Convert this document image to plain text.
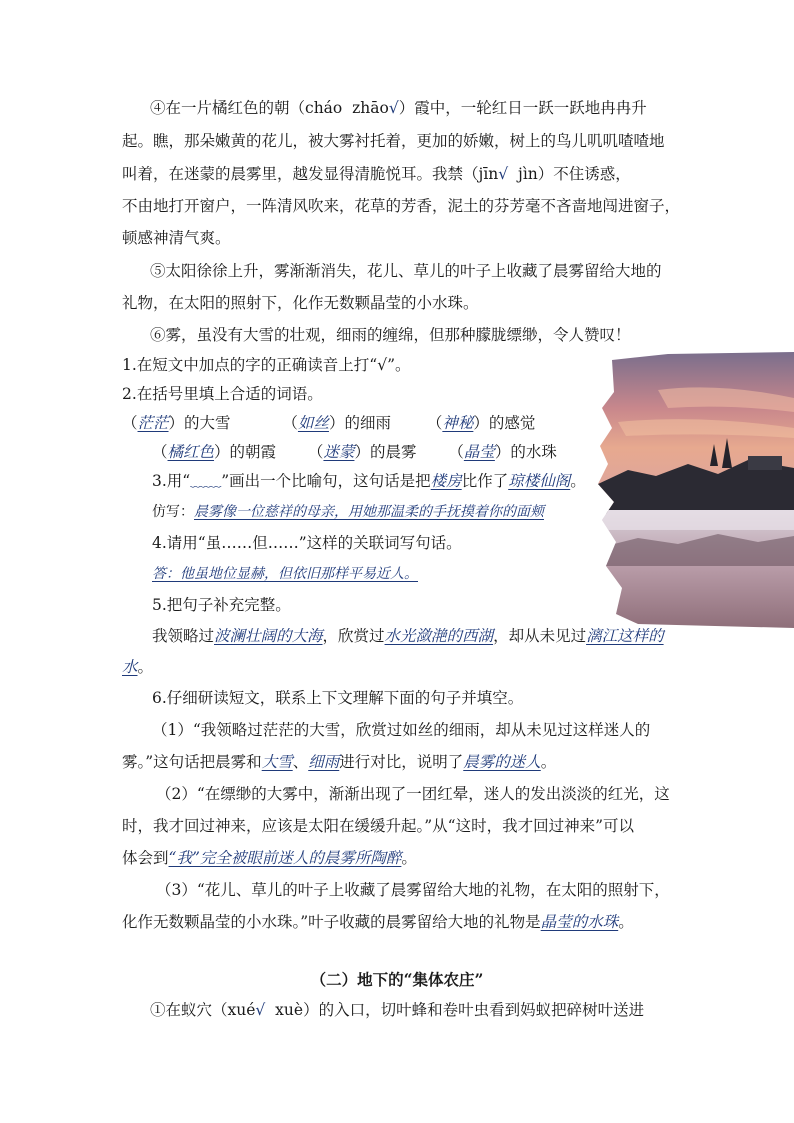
④在一片橘红色的朝（cháo zhāo√）霞中，一轮红日一跃一跃地冉冉升
起。瞧，那朵嫩黄的花儿，被大雾衬托着，更加的娇嫩，树上的鸟儿叽叽喳喳地
叫着，在迷蒙的晨雾里，越发显得清脆悦耳。我禁（jīn√ jìn）不住诱惑，
不由地打开窗户，一阵清风吹来，花草的芳香，泥土的芬芳毫不吝啬地闯进窗子，
顿感神清气爽。
⑤太阳徐徐上升，雾渐渐消失，花儿、草儿的叶子上收藏了晨雾留给大地的
礼物，在太阳的照射下，化作无数颗晶莹的小水珠。
⑥雾，虽没有大雪的壮观，细雨的缠绵，但那种朦胧缥缈，令人赞叹！
1.在短文中加点的字的正确读音上打“√”。
2.在括号里填上合适的词语。
（茫茫）的大雪	（如丝）的细雨 （神秘）的感觉
（橘红色）的朝霞 （迷蒙）的晨雾 （晶莹）的水珠
3.用“﹏﹏”画出一个比喻句，这句话是把楼房比作了琼楼仙阁。
仿写：晨雾像一位慈祥的母亲，用她那温柔的手抚摸着你的面颊
4.请用“虽……但……”这样的关联词写句话。
答：他虽地位显赫，但依旧那样平易近人。
5.把句子补充完整。
我领略过波澜壮阔的大海，欣赏过水光潋滟的西湖，却从未见过漓江这样的
水。
6.仔细研读短文，联系上下文理解下面的句子并填空。
（1）“我领略过茫茫的大雪，欣赏过如丝的细雨，却从未见过这样迷人的
雾。”这句话把晨雾和大雪、细雨进行对比，说明了晨雾的迷人。
（2）“在缥缈的大雾中，渐渐出现了一团红晕，迷人的发出淡淡的红光，这
时，我才回过神来，应该是太阳在缓缓升起。”从“这时，我才回过神来”可以
体会到“我”完全被眼前迷人的晨雾所陶醉。
（3）“花儿、草儿的叶子上收藏了晨雾留给大地的礼物，在太阳的照射下，
化作无数颗晶莹的小水珠。”叶子收藏的晨雾留给大地的礼物是晶莹的水珠。
（二）地下的“集体农庄”
①在蚁穴（xué√ xuè）的入口，切叶蜂和卷叶虫看到妈蚁把碎树叶送进
